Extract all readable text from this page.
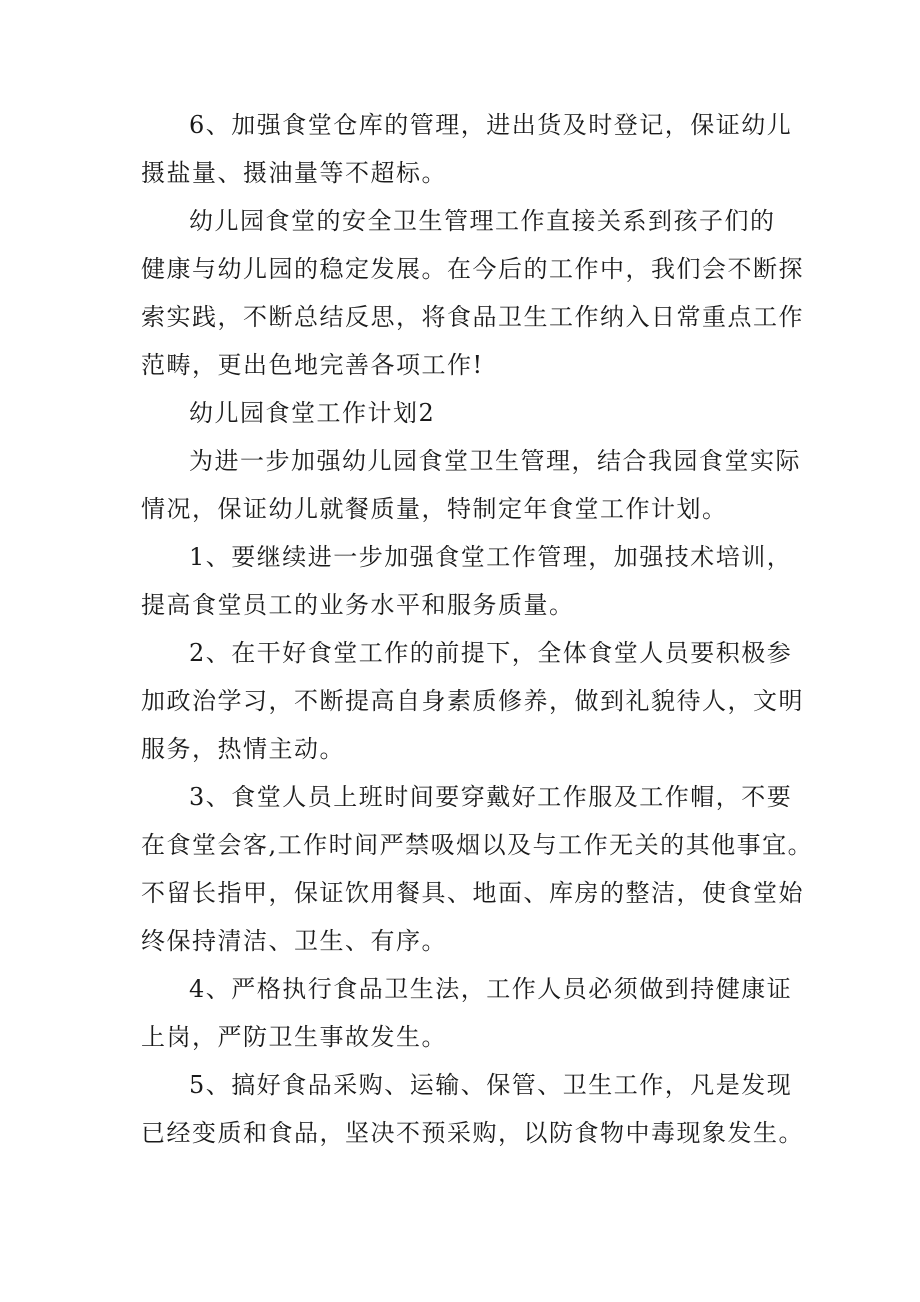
6、加强食堂仓库的管理，进出货及时登记，保证幼儿
摄盐量、摄油量等不超标。

幼儿园食堂的安全卫生管理工作直接关系到孩子们的
健康与幼儿园的稳定发展。在今后的工作中，我们会不断探
索实践，不断总结反思，将食品卫生工作纳入日常重点工作
范畴，更出色地完善各项工作!

幼儿园食堂工作计划2

为进一步加强幼儿园食堂卫生管理，结合我园食堂实际
情况，保证幼儿就餐质量，特制定年食堂工作计划。

1、要继续进一步加强食堂工作管理，加强技术培训，
提高食堂员工的业务水平和服务质量。

2、在干好食堂工作的前提下，全体食堂人员要积极参
加政治学习，不断提高自身素质修养，做到礼貌待人，文明
服务，热情主动。

3、食堂人员上班时间要穿戴好工作服及工作帽，不要
在食堂会客,工作时间严禁吸烟以及与工作无关的其他事宜。
不留长指甲，保证饮用餐具、地面、库房的整洁，使食堂始
终保持清洁、卫生、有序。

4、严格执行食品卫生法，工作人员必须做到持健康证
上岗，严防卫生事故发生。

5、搞好食品采购、运输、保管、卫生工作，凡是发现
已经变质和食品，坚决不预采购，以防食物中毒现象发生。
